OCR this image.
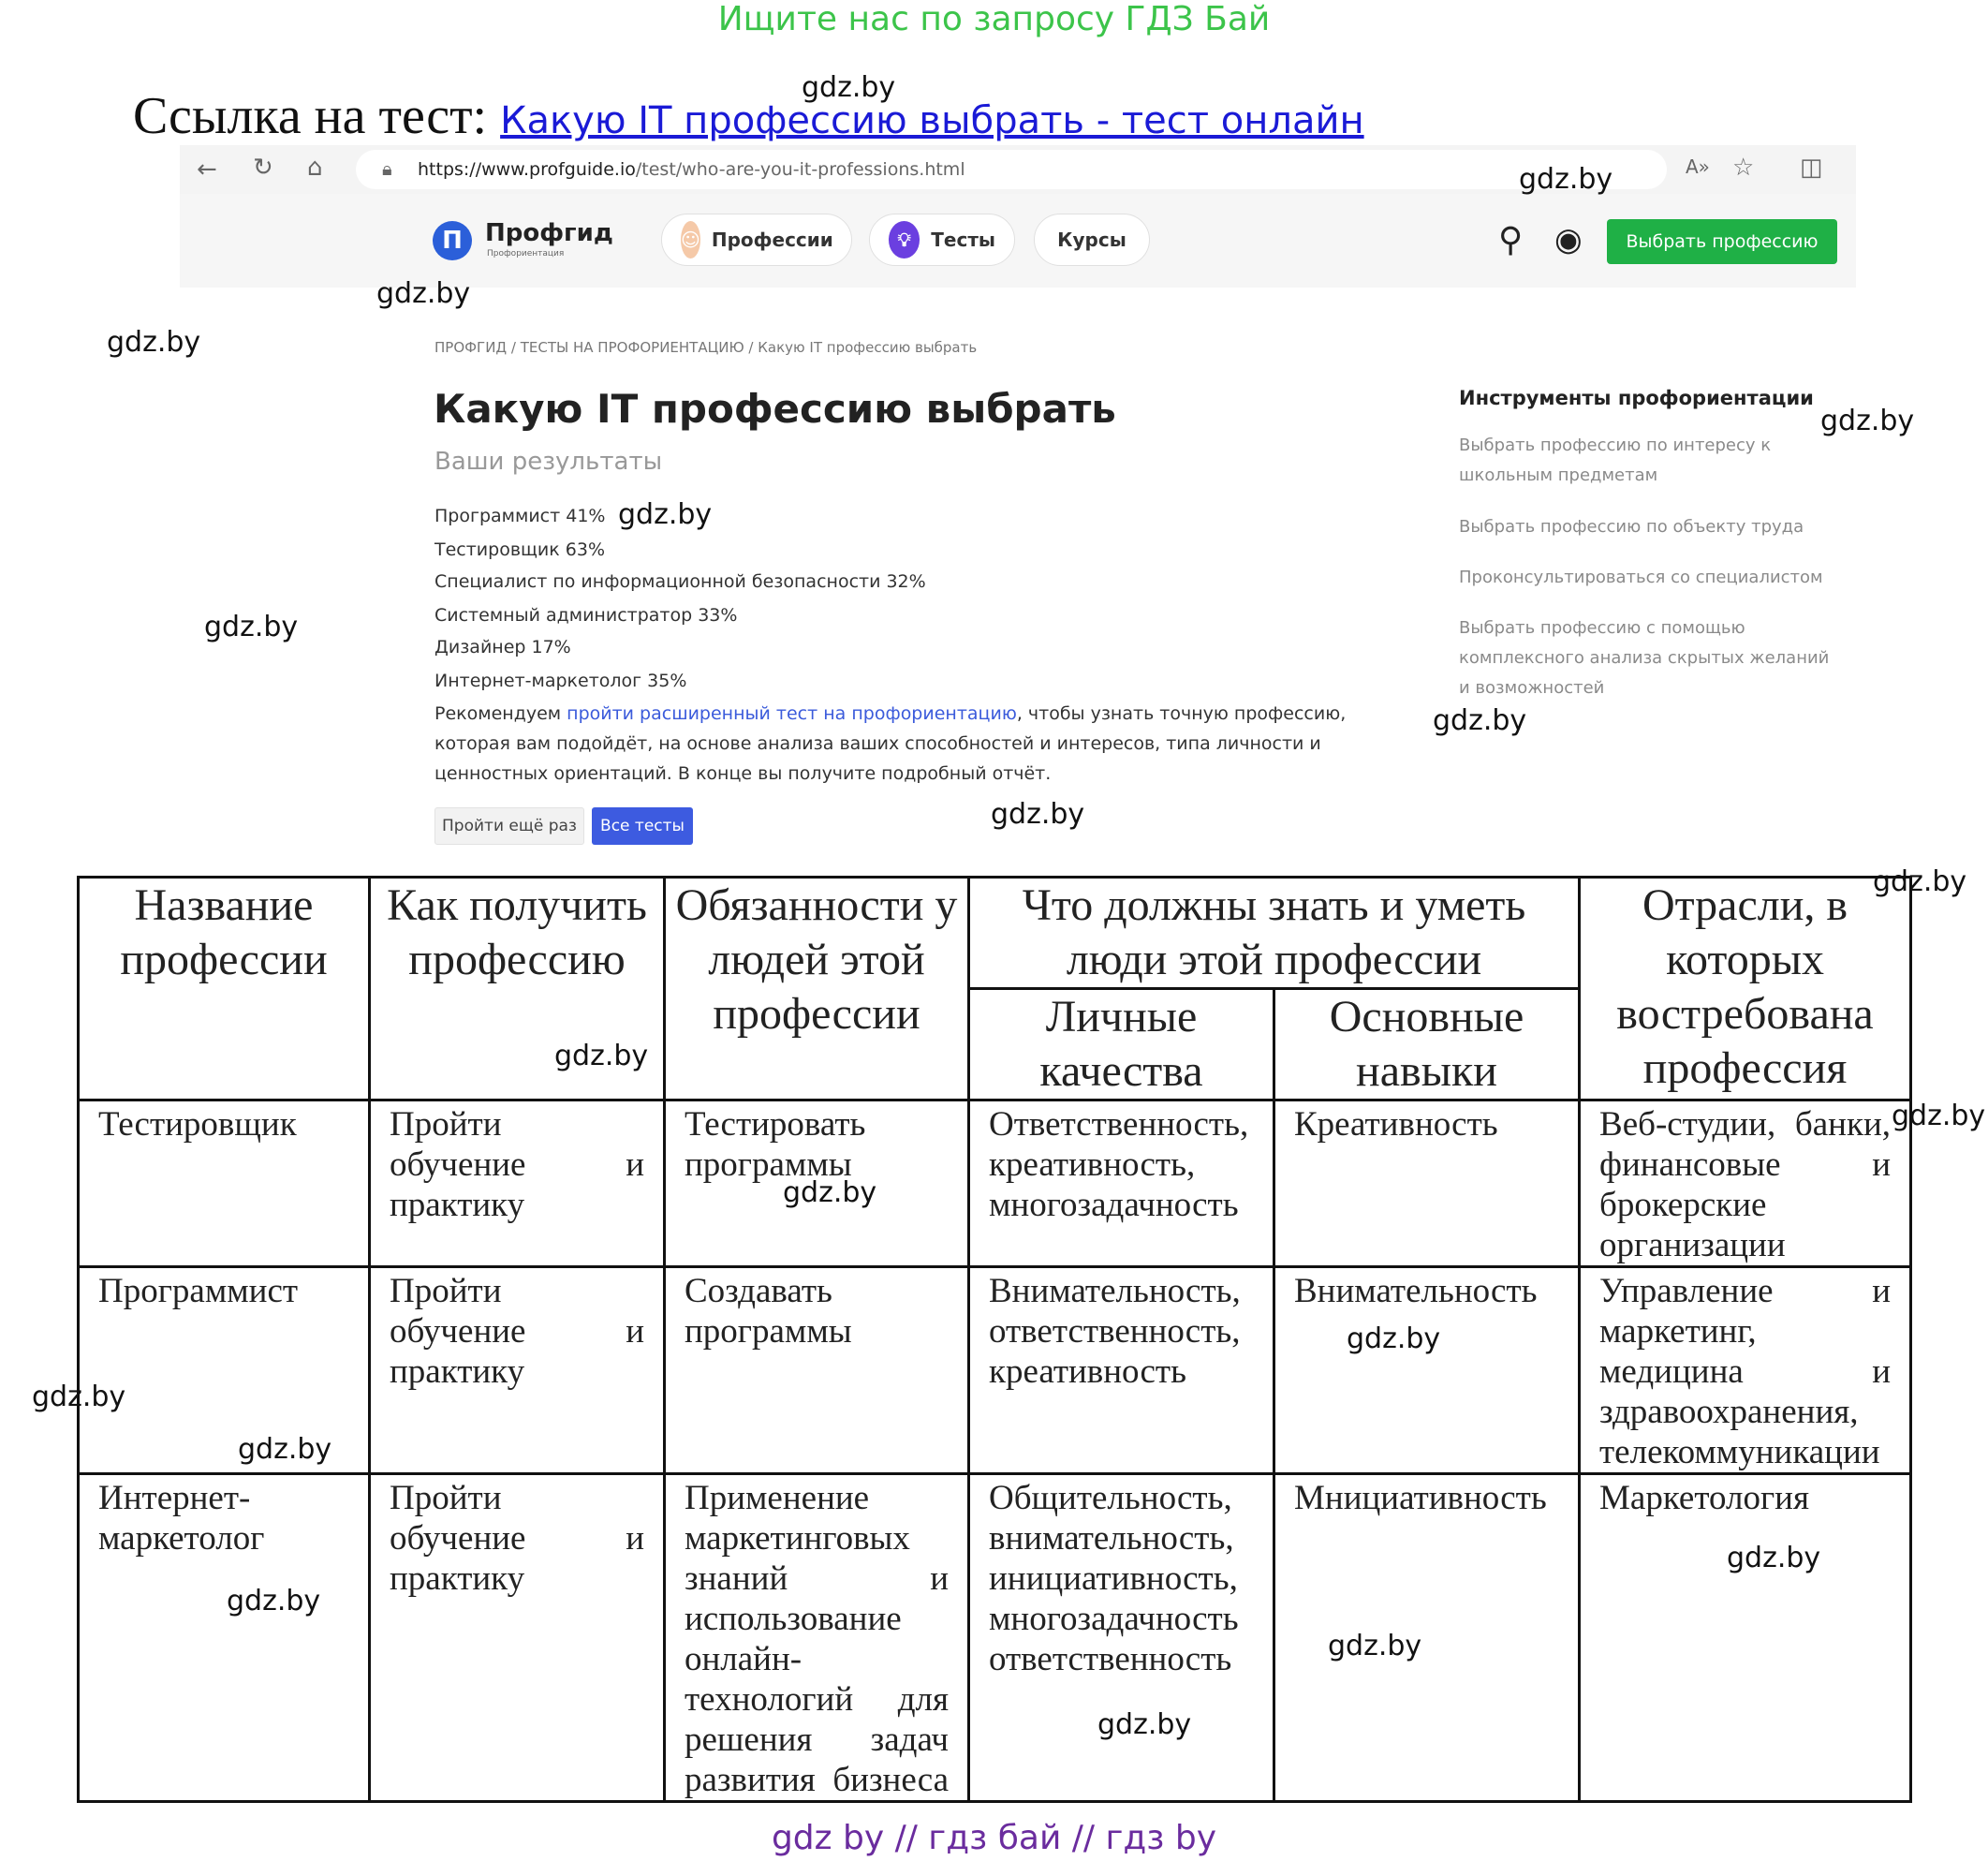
Ищите нас по запросу ГДЗ Бай
Ссылка на тест: Какую IT профессию выбрать - тест онлайн
← ↻ ⌂	🔒︎ https://www.profguide.io/test/who-are-you-it-professions.html	A» ☆ ◫
П Профгид
Профориентация
☺ Профессии	💡︎	Тесты	Курсы	⚲ ◉	Выбрать профессию
ПРОФГИД / ТЕСТЫ НА ПРОФОРИЕНТАЦИЮ / Какую IT профессию выбрать
Какую IT профессию выбрать
Ваши результаты
Программист 41%
Тестировщик 63%
Специалист по информационной безопасности 32%
Системный администратор 33%
Дизайнер 17%
Интернет-маркетолог 35%
Рекомендуем пройти расширенный тест на профориентацию, чтобы узнать точную профессию, которая вам подойдёт, на основе анализа ваших способностей и интересов, типа личности и ценностных ориентаций. В конце вы получите подробный отчёт.
Пройти ещё раз	Все тесты
Инструменты профориентации
Выбрать профессию по интересу к школьным предметам
Выбрать профессию по объекту труда
Проконсультироваться со специалистом
Выбрать профессию с помощью комплексного анализа скрытых желаний и возможностей
Название профессии	Как получить профессию	Обязанности у людей этой профессии	Что должны знать и уметь люди этой профессии		Отрасли, в которых востребована профессия
			Личные качества	Основные навыки	
Тестировщик	Пройти обучение и практику	Тестировать программы	Ответственность, креативность, многозадачность	Креативность	Веб-студии, банки, финансовые и брокерские организации
Программист	Пройти обучение и практику	Создавать программы	Внимательность, ответственность, креативность	Внимательность	Управление и маркетинг, медицина и здравоохранения, телекоммуникации
Интернет-маркетолог	Пройти обучение и практику	Применение маркетинговых знаний и использование онлайн-технологий для решения задач развития бизнеса	Общительность, внимательность, инициативность, многозадачность ответственность	Мнициативность	Маркетология
gdz.by
gdz.by
gdz.by
gdz.by
gdz.by
gdz.by
gdz.by
gdz.by
gdz.by
gdz.by
gdz.by
gdz.by
gdz.by
gdz.by
gdz.by
gdz.by
gdz.by
gdz.by
gdz.by
gdz.by
gdz by // гдз бай // гдз by
